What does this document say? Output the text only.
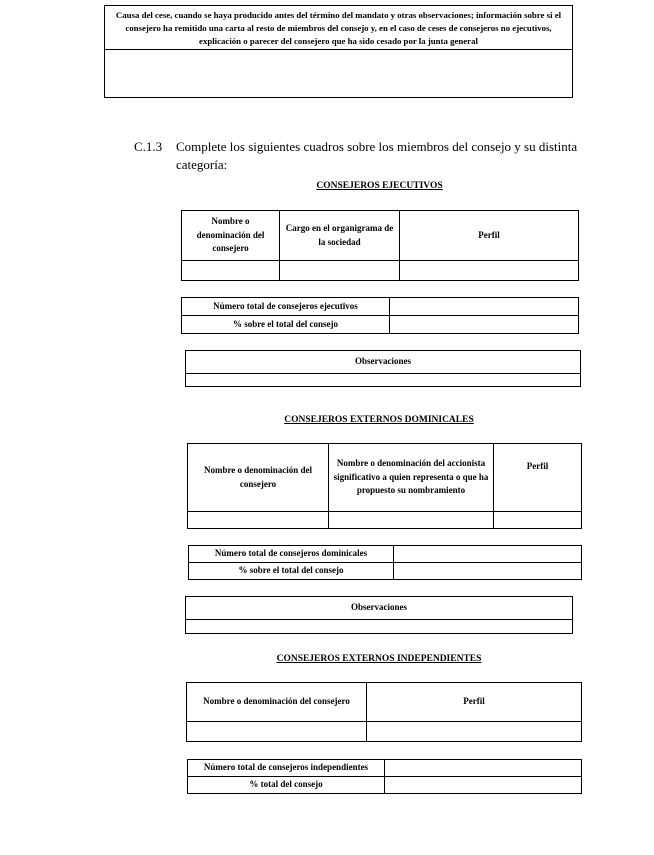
Causa del cese, cuando se haya producido antes del término del mandato y otras observaciones; información sobre si el consejero ha remitido una carta al resto de miembros del consejo y, en el caso de ceses de consejeros no ejecutivos, explicación o parecer del consejero que ha sido cesado por la junta general
C.1.3 Complete los siguientes cuadros sobre los miembros del consejo y su distinta categoría:
CONSEJEROS EJECUTIVOS
Nombre o denominación del consejero	Cargo en el organigrama de la sociedad	Perfil

Número total de consejeros ejecutivos	
% sobre el total del consejo	
Observaciones

CONSEJEROS EXTERNOS DOMINICALES
Nombre o denominación del consejero	Nombre o denominación del accionista significativo a quien representa o que ha propuesto su nombramiento	Perfil

Número total de consejeros dominicales	
% sobre el total del consejo	
Observaciones

CONSEJEROS EXTERNOS INDEPENDIENTES
Nombre o denominación del consejero	Perfil

Número total de consejeros independientes	
% total del consejo	
